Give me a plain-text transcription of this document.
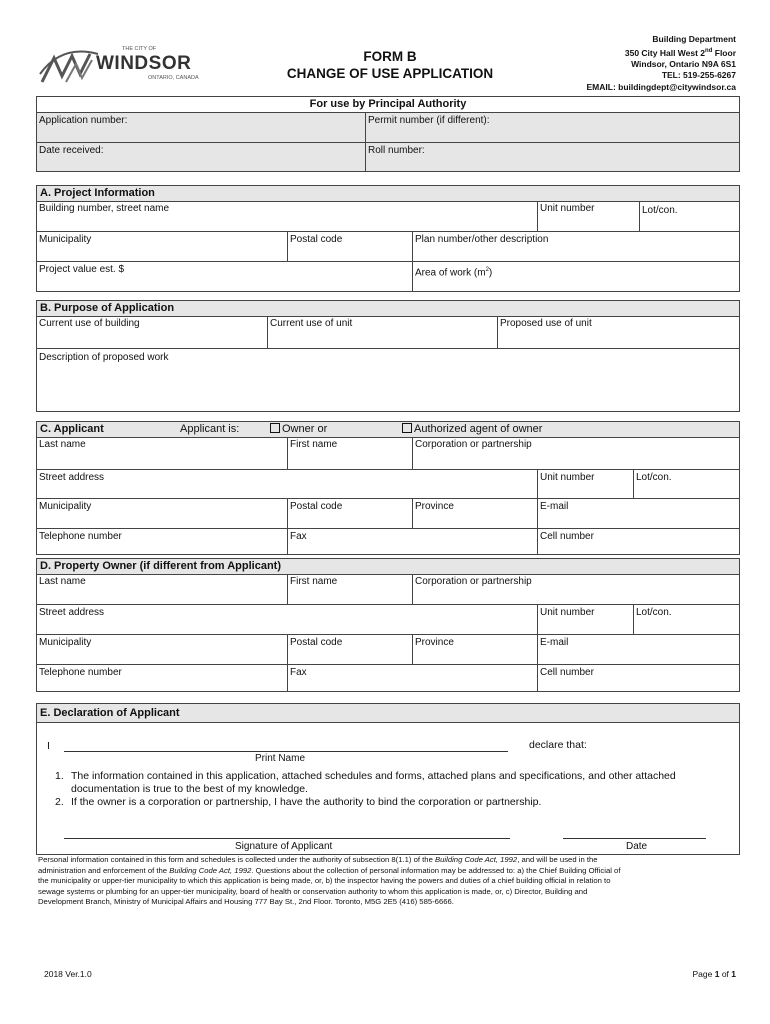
THE CITY OF
WINDSOR
ONTARIO, CANADA
FORM B
CHANGE OF USE APPLICATION
Building Department
350 City Hall West 2nd Floor
Windsor, Ontario N9A 6S1
TEL: 519-255-6267
EMAIL: buildingdept@citywindsor.ca
For use by Principal Authority
Application number:	Permit number (if different):
Date received:	Roll number:
A. Project Information
Building number, street name	Unit number	Lot/con.
Municipality	Postal code	Plan number/other description
Project value est. $	Area of work $(m^2)$
B. Purpose of Application
Current use of building	Current use of unit	Proposed use of unit
Description of proposed work
C. Applicant	Applicant is:	Owner or	Authorized agent of owner
Last name	First name	Corporation or partnership
Street address	Unit number	Lot/con.
Municipality	Postal code	Province	E-mail
Telephone number	Fax	Cell number
D. Property Owner (if different from Applicant)
Last name	First name	Corporation or partnership
Street address	Unit number	Lot/con.
Municipality	Postal code	Province	E-mail
Telephone number	Fax	Cell number
E. Declaration of Applicant
I	declare that:
Print Name
1. The information contained in this application, attached schedules and forms, attached plans and specifications, and other attached
documentation is true to the best of my knowledge.
2. If the owner is a corporation or partnership, I have the authority to bind the corporation or partnership.
Signature of Applicant	Date
Personal information contained in this form and schedules is collected under the authority of subsection 8(1.1) of the Building Code Act, 1992, and will be used in the
administration and enforcement of the Building Code Act, 1992. Questions about the collection of personal information may be addressed to: a) the Chief Building Official of
the municipality or upper-tier municipality to which this application is being made, or, b) the inspector having the powers and duties of a chief building official in relation to
sewage systems or plumbing for an upper-tier municipality, board of health or conservation authority to whom this application is made, or, c) Director, Building and
Development Branch, Ministry of Municipal Affairs and Housing 777 Bay St., 2nd Floor. Toronto, M5G 2E5 (416) 585-6666.
2018 Ver.1.0	Page 1 of 1
